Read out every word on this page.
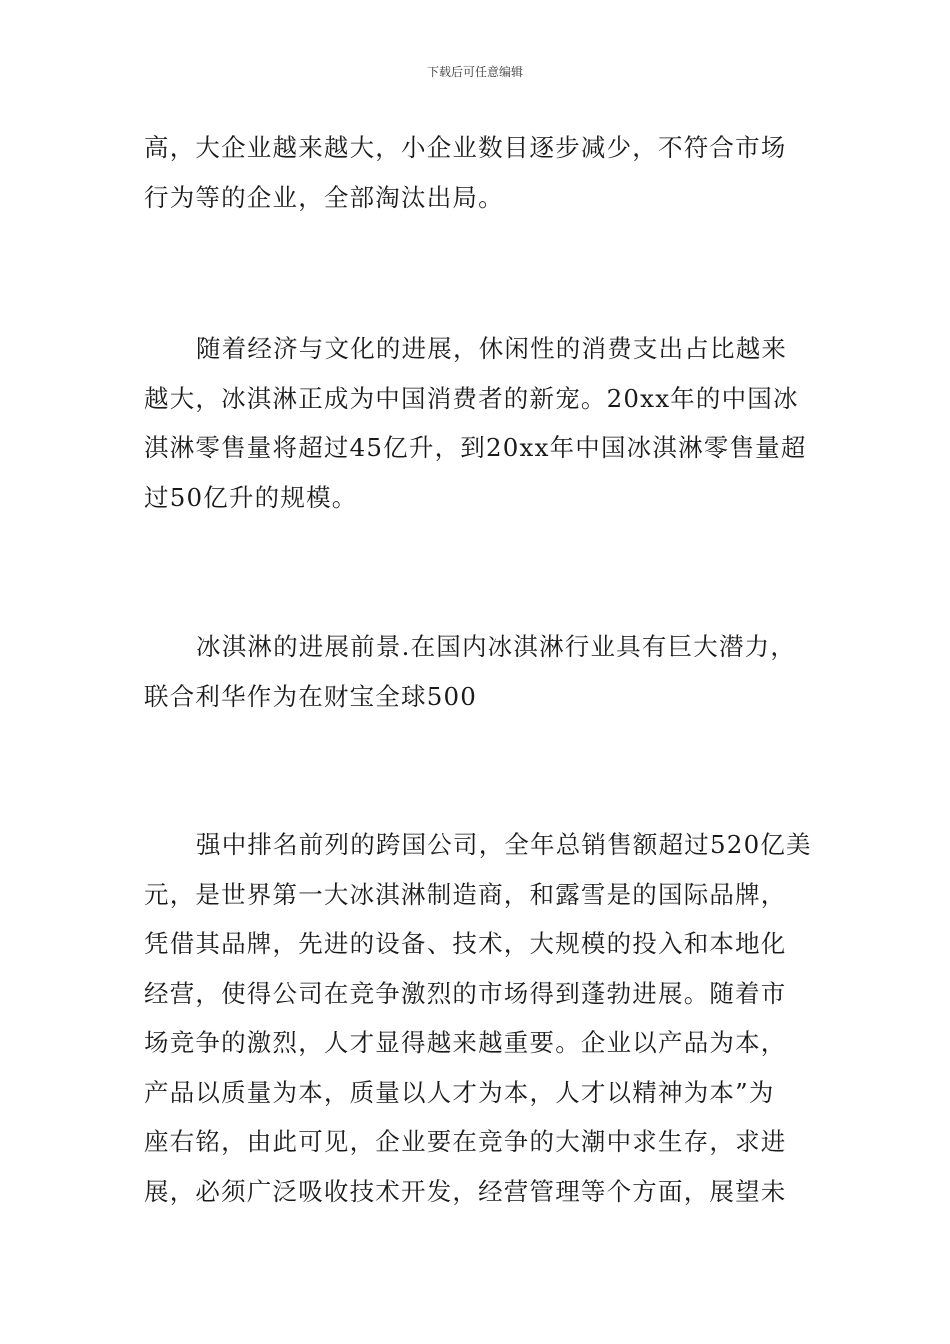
下载后可任意编辑
高，大企业越来越大，小企业数目逐步减少，不符合市场
行为等的企业，全部淘汰出局。
随着经济与文化的进展，休闲性的消费支出占比越来
越大，冰淇淋正成为中国消费者的新宠。20xx年的中国冰
淇淋零售量将超过45亿升，到20xx年中国冰淇淋零售量超
过50亿升的规模。
冰淇淋的进展前景.在国内冰淇淋行业具有巨大潜力，
联合利华作为在财宝全球500
强中排名前列的跨国公司，全年总销售额超过520亿美
元，是世界第一大冰淇淋制造商，和露雪是的国际品牌，
凭借其品牌，先进的设备、技术，大规模的投入和本地化
经营，使得公司在竞争激烈的市场得到蓬勃进展。随着市
场竞争的激烈，人才显得越来越重要。企业以产品为本，
产品以质量为本，质量以人才为本，人才以精神为本”为
座右铭，由此可见，企业要在竞争的大潮中求生存，求进
展，必须广泛吸收技术开发，经营管理等个方面，展望未
